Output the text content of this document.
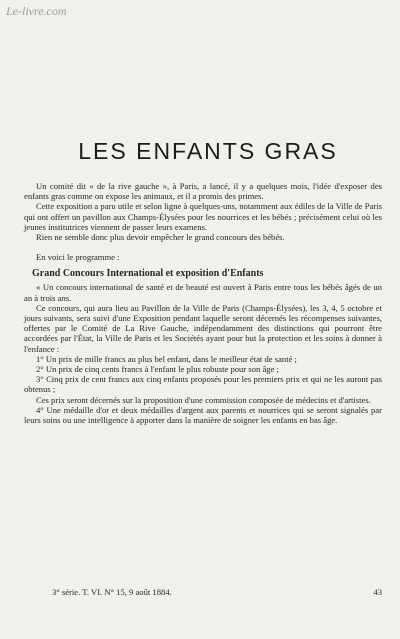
Le-livre.com
LES ENFANTS GRAS

Un comité dit « de la rive gauche », à Paris, a lancé, il y a quelques mois, l'idée d'exposer des enfants gras comme on expose les animaux, et il a promis des primes.

Cette exposition a paru utile et selon ligne à quelques-uns, notamment aux édiles de la Ville de Paris qui ont offert un pavillon aux Champs-Élysées pour les nourrices et les bébés ; précisément celui où les jeunes institutrices viennent de passer leurs examens.

Rien ne semble donc plus devoir empêcher le grand concours des bébés.

En voici le programme :

Grand Concours International et exposition d'Enfants

« Un concours international de santé et de beauté est ouvert à Paris entre tous les bébés âgés de un an à trois ans.

Ce concours, qui aura lieu au Pavillon de la Ville de Paris (Champs-Élysées), les 3, 4, 5 octobre et jours suivants, sera suivi d'une Exposition pendant laquelle seront décernés les récompenses suivantes, offertes par le Comité de La Rive Gauche, indépendamment des distinctions qui pourront être accordées par l'État, la Ville de Paris et les Sociétés ayant pour but la protection et les soins à donner à l'enfance :

1° Un prix de mille francs au plus bel enfant, dans le meilleur état de santé ;

2° Un prix de cinq cents francs à l'enfant le plus robuste pour son âge ;

3° Cinq prix de cent francs aux cinq enfants proposés pour les premiers prix et qui ne les auront pas obtenus ;

Ces prix seront décernés sur la proposition d'une commission composée de médecins et d'artistes.

4° Une médaille d'or et deux médailles d'argent aux parents et nourrices qui se seront signalés par leurs soins ou une intelligence à apporter dans la manière de soigner les enfants en bas âge.

3° série. T. VI. N° 15, 9 août 1884.	43
